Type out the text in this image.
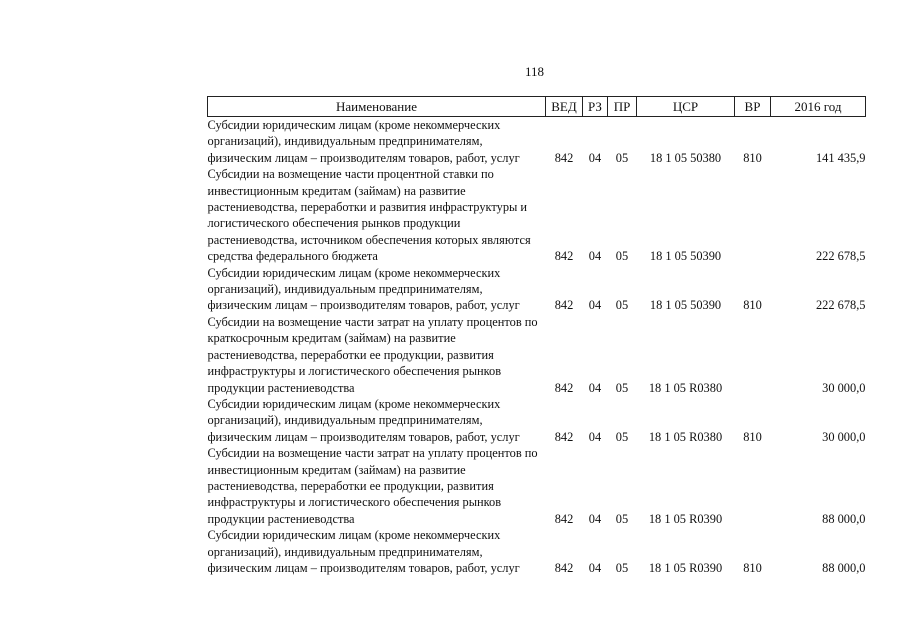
118
Наименование	ВЕД	РЗ	ПР	ЦСР	ВР	2016 год
Субсидии юридическим лицам (кроме некоммерческих организаций), индивидуальным предпринимателям, физическим лицам – производителям товаров, работ, услуг	842	04	05	18 1 05 50380	810	141 435,9
Субсидии на возмещение части процентной ставки по инвестиционным кредитам (займам) на развитие растениеводства, переработки и развития инфраструктуры и логистического обеспечения рынков продукции растениеводства, источником обеспечения которых являются средства федерального бюджета	842	04	05	18 1 05 50390		222 678,5
Субсидии юридическим лицам (кроме некоммерческих организаций), индивидуальным предпринимателям, физическим лицам – производителям товаров, работ, услуг	842	04	05	18 1 05 50390	810	222 678,5
Субсидии на возмещение части затрат на уплату процентов по краткосрочным кредитам (займам) на развитие растениеводства, переработки ее продукции, развития инфраструктуры и логистического обеспечения рынков продукции растениеводства	842	04	05	18 1 05 R0380		30 000,0
Субсидии юридическим лицам (кроме некоммерческих организаций), индивидуальным предпринимателям, физическим лицам – производителям товаров, работ, услуг	842	04	05	18 1 05 R0380	810	30 000,0
Субсидии на возмещение части затрат на уплату процентов по инвестиционным кредитам (займам) на развитие растениеводства, переработки ее продукции, развития инфраструктуры и логистического обеспечения рынков продукции растениеводства	842	04	05	18 1 05 R0390		88 000,0
Субсидии юридическим лицам (кроме некоммерческих организаций), индивидуальным предпринимателям, физическим лицам – производителям товаров, работ, услуг	842	04	05	18 1 05 R0390	810	88 000,0
